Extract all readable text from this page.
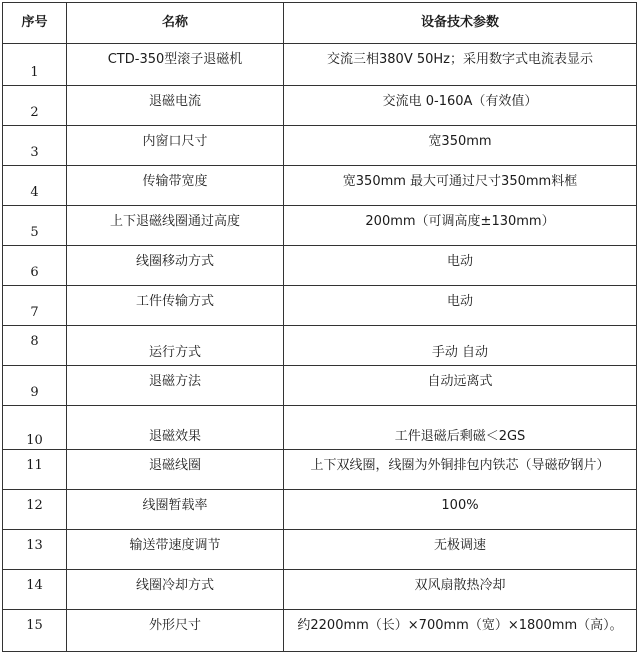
序号	名称	设备技术参数
1	CTD-350型滚子退磁机	交流三相380V 50Hz；采用数字式电流表显示
2	退磁电流	交流电 0-160A（有效值）
3	内窗口尺寸	宽350mm
4	传输带宽度	宽350mm 最大可通过尺寸350mm料框
5	上下退磁线圈通过高度	200mm（可调高度±130mm）
6	线圈移动方式	电动
7	工件传输方式	电动
8	运行方式	手动 自动
9	退磁方法	自动远离式
10	退磁效果	工件退磁后剩磁＜2GS
11	退磁线圈	上下双线圈，线圈为外铜排包内铁芯（导磁矽钢片）
12	线圈暂载率	100%
13	输送带速度调节	无极调速
14	线圈冷却方式	双风扇散热冷却
15	外形尺寸	约2200mm（长）×700mm（宽）×1800mm（高）。
